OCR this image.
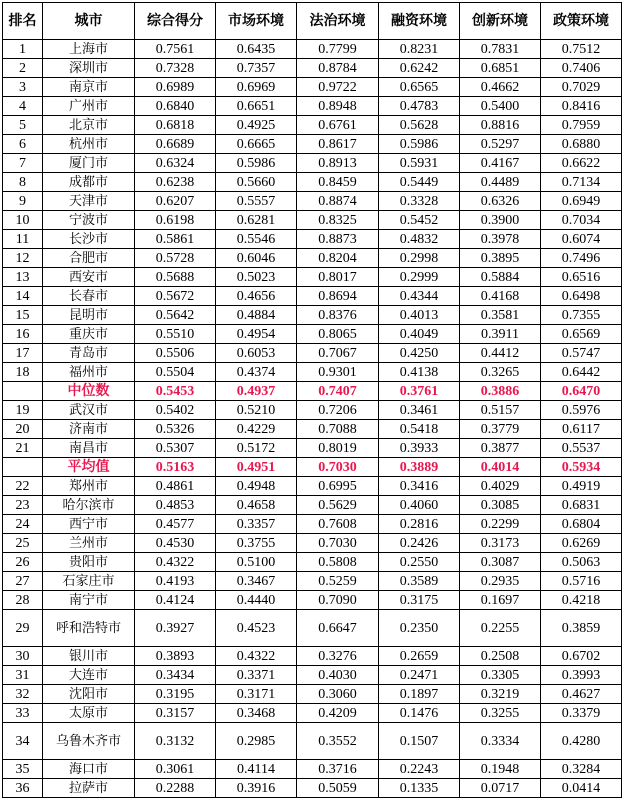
排名	城市	综合得分	市场环境	法治环境	融资环境	创新环境	政策环境
1	上海市	0.7561	0.6435	0.7799	0.8231	0.7831	0.7512
2	深圳市	0.7328	0.7357	0.8784	0.6242	0.6851	0.7406
3	南京市	0.6989	0.6969	0.9722	0.6565	0.4662	0.7029
4	广州市	0.6840	0.6651	0.8948	0.4783	0.5400	0.8416
5	北京市	0.6818	0.4925	0.6761	0.5628	0.8816	0.7959
6	杭州市	0.6689	0.6665	0.8617	0.5986	0.5297	0.6880
7	厦门市	0.6324	0.5986	0.8913	0.5931	0.4167	0.6622
8	成都市	0.6238	0.5660	0.8459	0.5449	0.4489	0.7134
9	天津市	0.6207	0.5557	0.8874	0.3328	0.6326	0.6949
10	宁波市	0.6198	0.6281	0.8325	0.5452	0.3900	0.7034
11	长沙市	0.5861	0.5546	0.8873	0.4832	0.3978	0.6074
12	合肥市	0.5728	0.6046	0.8204	0.2998	0.3895	0.7496
13	西安市	0.5688	0.5023	0.8017	0.2999	0.5884	0.6516
14	长春市	0.5672	0.4656	0.8694	0.4344	0.4168	0.6498
15	昆明市	0.5642	0.4884	0.8376	0.4013	0.3581	0.7355
16	重庆市	0.5510	0.4954	0.8065	0.4049	0.3911	0.6569
17	青岛市	0.5506	0.6053	0.7067	0.4250	0.4412	0.5747
18	福州市	0.5504	0.4374	0.9301	0.4138	0.3265	0.6442
	中位数	0.5453	0.4937	0.7407	0.3761	0.3886	0.6470
19	武汉市	0.5402	0.5210	0.7206	0.3461	0.5157	0.5976
20	济南市	0.5326	0.4229	0.7088	0.5418	0.3779	0.6117
21	南昌市	0.5307	0.5172	0.8019	0.3933	0.3877	0.5537
	平均值	0.5163	0.4951	0.7030	0.3889	0.4014	0.5934
22	郑州市	0.4861	0.4948	0.6995	0.3416	0.4029	0.4919
23	哈尔滨市	0.4853	0.4658	0.5629	0.4060	0.3085	0.6831
24	西宁市	0.4577	0.3357	0.7608	0.2816	0.2299	0.6804
25	兰州市	0.4530	0.3755	0.7030	0.2426	0.3173	0.6269
26	贵阳市	0.4322	0.5100	0.5808	0.2550	0.3087	0.5063
27	石家庄市	0.4193	0.3467	0.5259	0.3589	0.2935	0.5716
28	南宁市	0.4124	0.4440	0.7090	0.3175	0.1697	0.4218
29	呼和浩特市	0.3927	0.4523	0.6647	0.2350	0.2255	0.3859
30	银川市	0.3893	0.4322	0.3276	0.2659	0.2508	0.6702
31	大连市	0.3434	0.3371	0.4030	0.2471	0.3305	0.3993
32	沈阳市	0.3195	0.3171	0.3060	0.1897	0.3219	0.4627
33	太原市	0.3157	0.3468	0.4209	0.1476	0.3255	0.3379
34	乌鲁木齐市	0.3132	0.2985	0.3552	0.1507	0.3334	0.4280
35	海口市	0.3061	0.4114	0.3716	0.2243	0.1948	0.3284
36	拉萨市	0.2288	0.3916	0.5059	0.1335	0.0717	0.0414
